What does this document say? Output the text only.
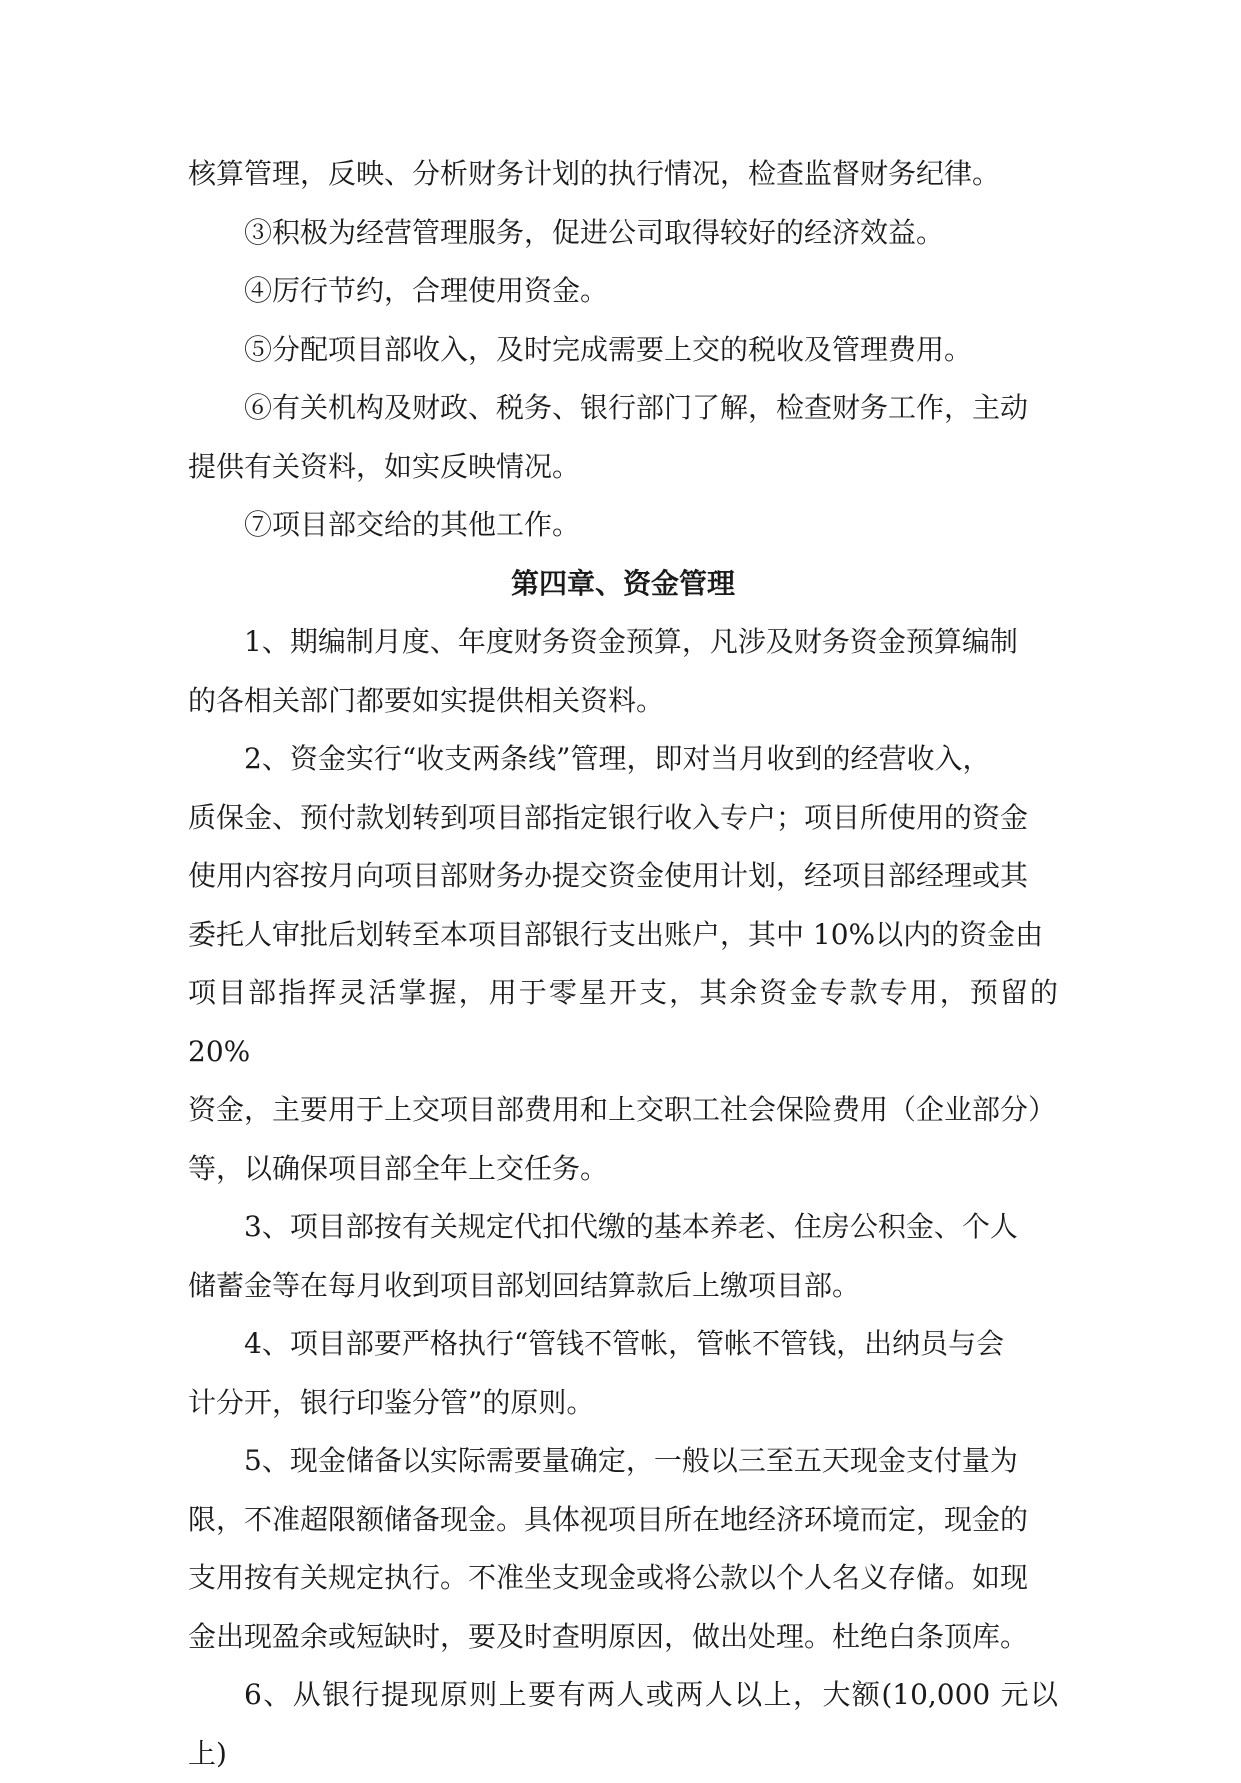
核算管理，反映、分析财务计划的执行情况，检查监督财务纪律。

③积极为经营管理服务，促进公司取得较好的经济效益。

④厉行节约，合理使用资金。

⑤分配项目部收入，及时完成需要上交的税收及管理费用。

⑥有关机构及财政、税务、银行部门了解，检查财务工作，主动
提供有关资料，如实反映情况。

⑦项目部交给的其他工作。

第四章、资金管理

1、期编制月度、年度财务资金预算，凡涉及财务资金预算编制
的各相关部门都要如实提供相关资料。

2、资金实行“收支两条线”管理，即对当月收到的经营收入，
质保金、预付款划转到项目部指定银行收入专户；项目所使用的资金
使用内容按月向项目部财务办提交资金使用计划，经项目部经理或其
委托人审批后划转至本项目部银行支出账户，其中 10%以内的资金由
项目部指挥灵活掌握，用于零星开支，其余资金专款专用，预留的 20%
资金，主要用于上交项目部费用和上交职工社会保险费用（企业部分）
等，以确保项目部全年上交任务。

3、项目部按有关规定代扣代缴的基本养老、住房公积金、个人
储蓄金等在每月收到项目部划回结算款后上缴项目部。

4、项目部要严格执行“管钱不管帐，管帐不管钱，出纳员与会
计分开，银行印鉴分管”的原则。

5、现金储备以实际需要量确定，一般以三至五天现金支付量为
限，不准超限额储备现金。具体视项目所在地经济环境而定，现金的
支用按有关规定执行。不准坐支现金或将公款以个人名义存储。如现
金出现盈余或短缺时，要及时查明原因，做出处理。杜绝白条顶库。

6、从银行提现原则上要有两人或两人以上，大额(10,000 元以上)
